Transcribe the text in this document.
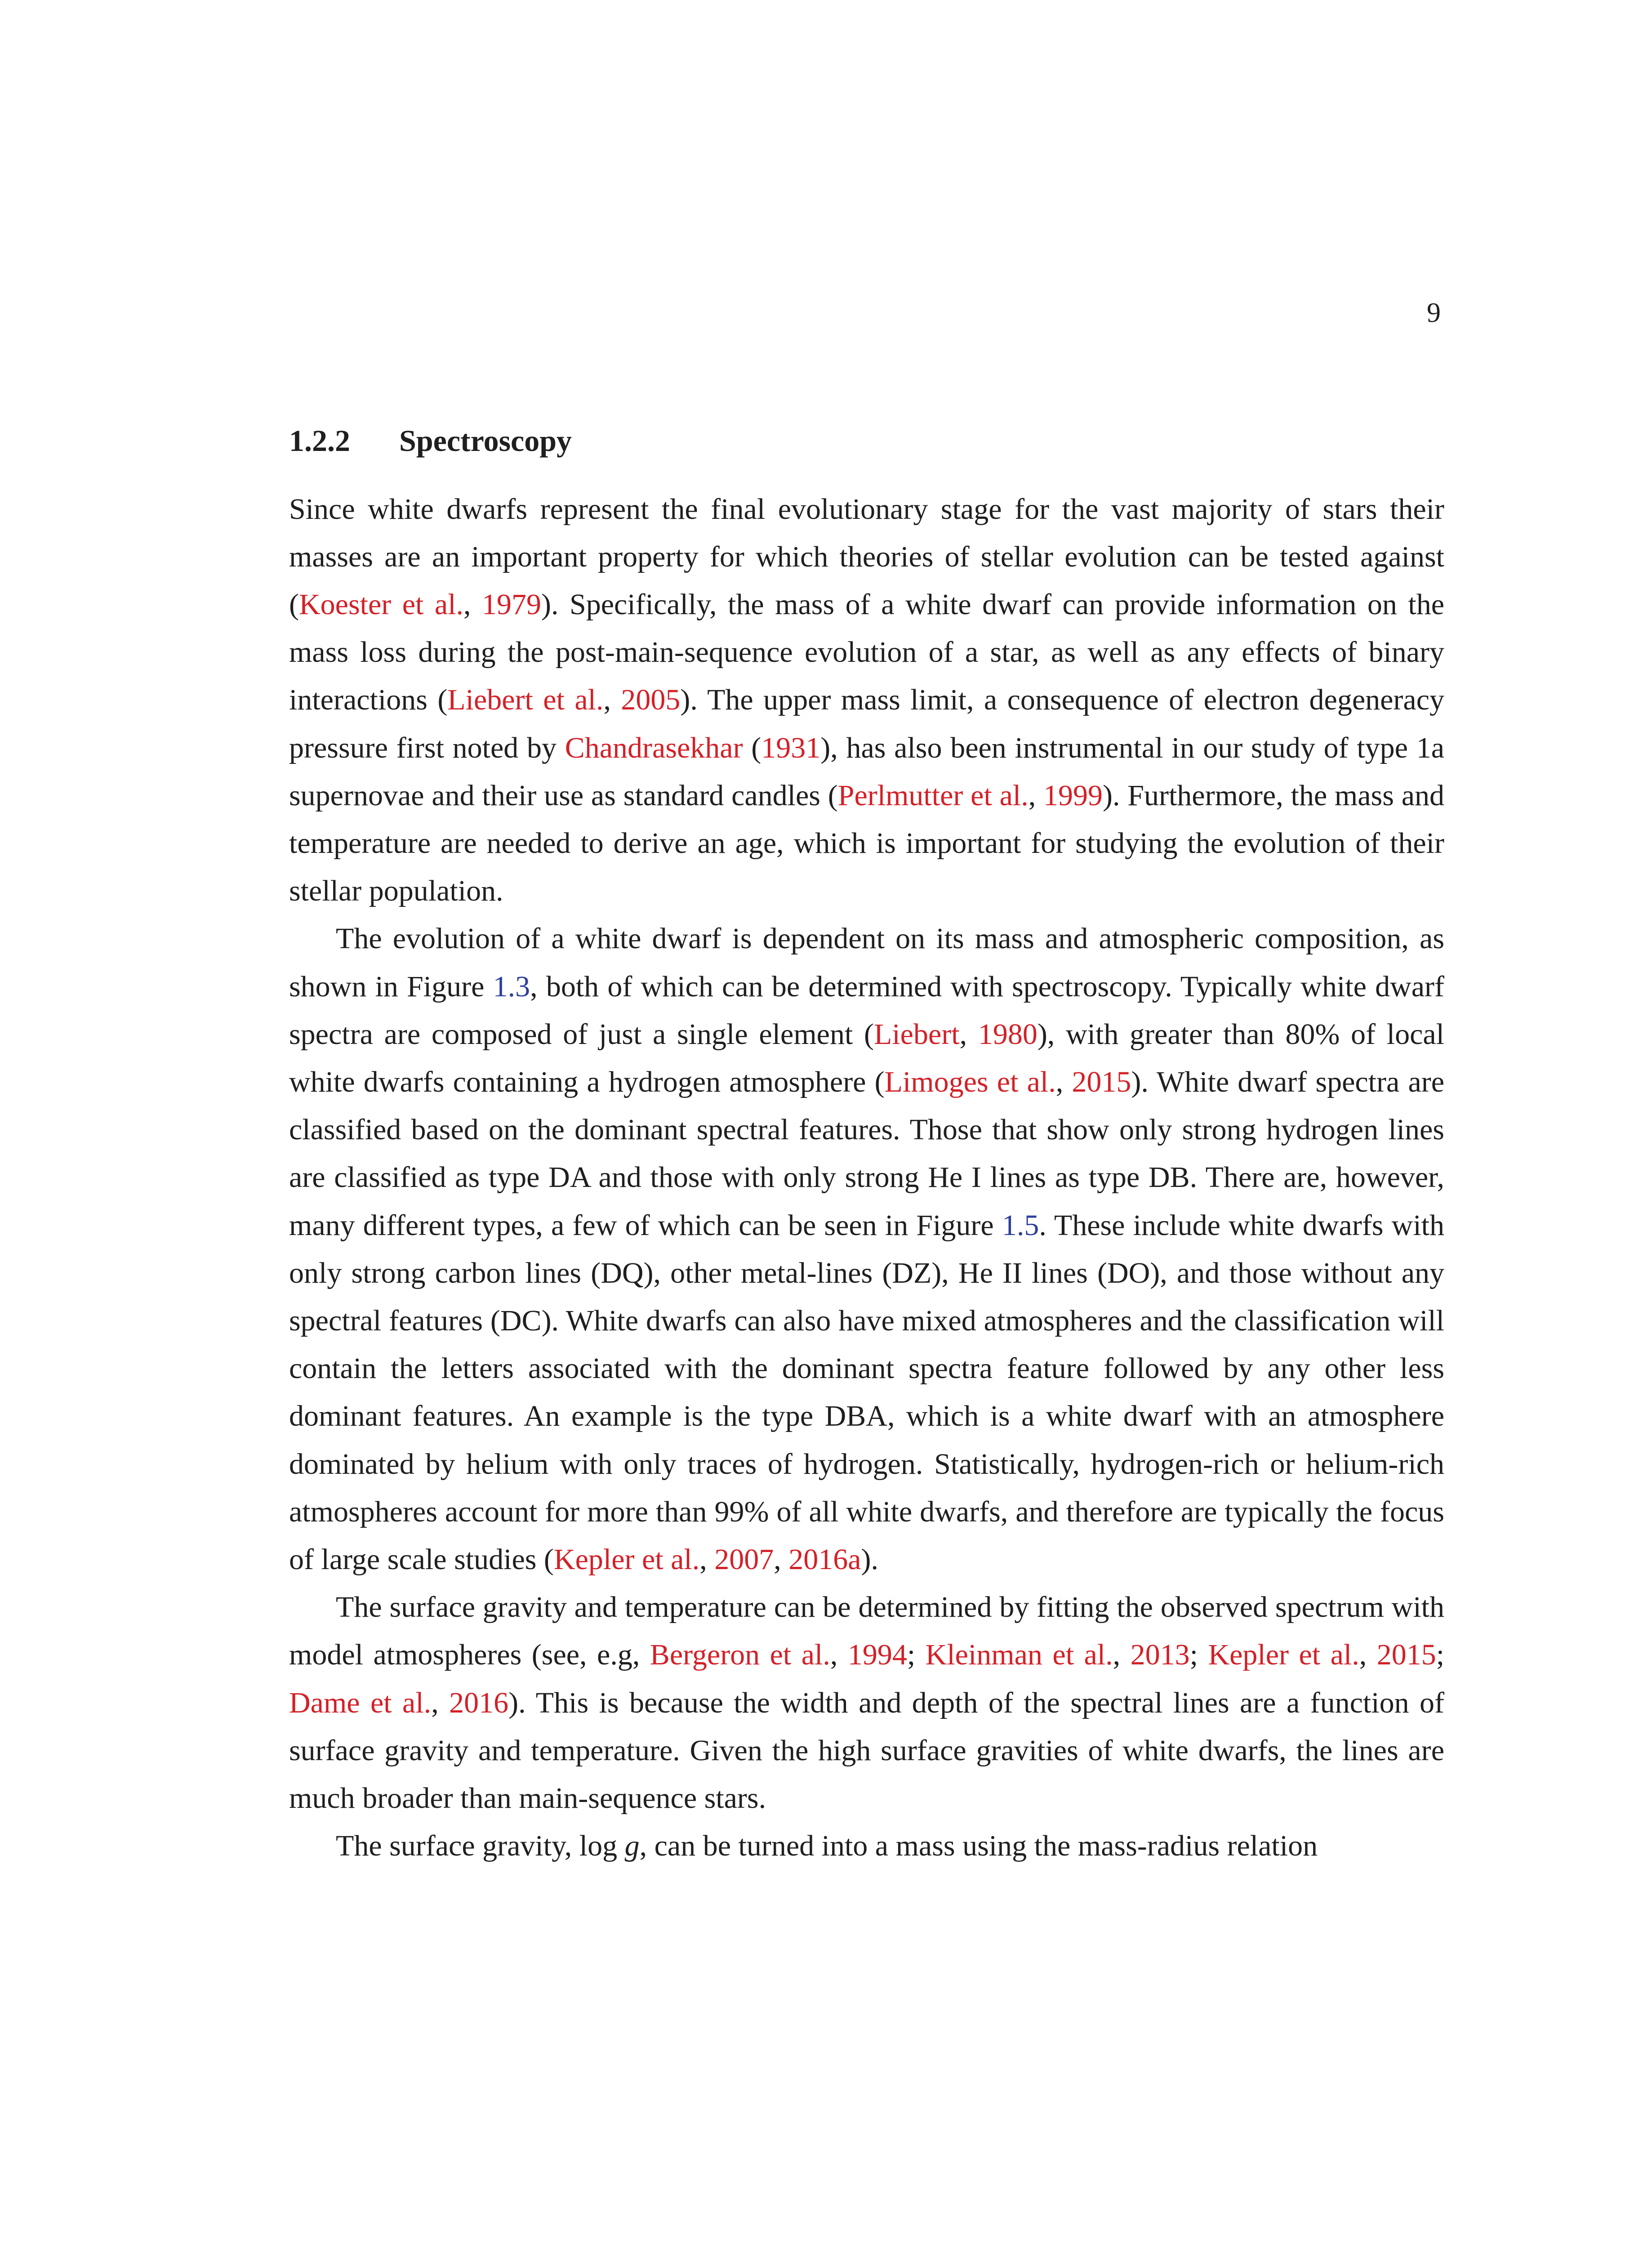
9
1.2.2 Spectroscopy

Since white dwarfs represent the final evolutionary stage for the vast majority of stars their masses are an important property for which theories of stellar evolution can be tested against (Koester et al., 1979). Specifically, the mass of a white dwarf can provide information on the mass loss during the post-main-sequence evolution of a star, as well as any effects of binary interactions (Liebert et al., 2005). The upper mass limit, a consequence of electron degeneracy pressure first noted by Chandrasekhar (1931), has also been instrumental in our study of type 1a supernovae and their use as standard candles (Perlmutter et al., 1999). Furthermore, the mass and temperature are needed to derive an age, which is important for studying the evolution of their stellar population.

The evolution of a white dwarf is dependent on its mass and atmospheric composition, as shown in Figure 1.3, both of which can be determined with spectroscopy. Typically white dwarf spectra are composed of just a single element (Liebert, 1980), with greater than 80% of local white dwarfs containing a hydrogen atmosphere (Limoges et al., 2015). White dwarf spectra are classified based on the dominant spectral features. Those that show only strong hydrogen lines are classified as type DA and those with only strong He I lines as type DB. There are, however, many different types, a few of which can be seen in Figure 1.5. These include white dwarfs with only strong carbon lines (DQ), other metal-lines (DZ), He II lines (DO), and those without any spectral features (DC). White dwarfs can also have mixed atmospheres and the classification will contain the letters associated with the dominant spectra feature followed by any other less dominant features. An example is the type DBA, which is a white dwarf with an atmosphere dominated by helium with only traces of hydrogen. Statistically, hydrogen-rich or helium-rich atmospheres account for more than 99% of all white dwarfs, and therefore are typically the focus of large scale studies (Kepler et al., 2007, 2016a).

The surface gravity and temperature can be determined by fitting the observed spectrum with model atmospheres (see, e.g, Bergeron et al., 1994; Kleinman et al., 2013; Kepler et al., 2015; Dame et al., 2016). This is because the width and depth of the spectral lines are a function of surface gravity and temperature. Given the high surface gravities of white dwarfs, the lines are much broader than main-sequence stars.

The surface gravity, log g, can be turned into a mass using the mass-radius relation
